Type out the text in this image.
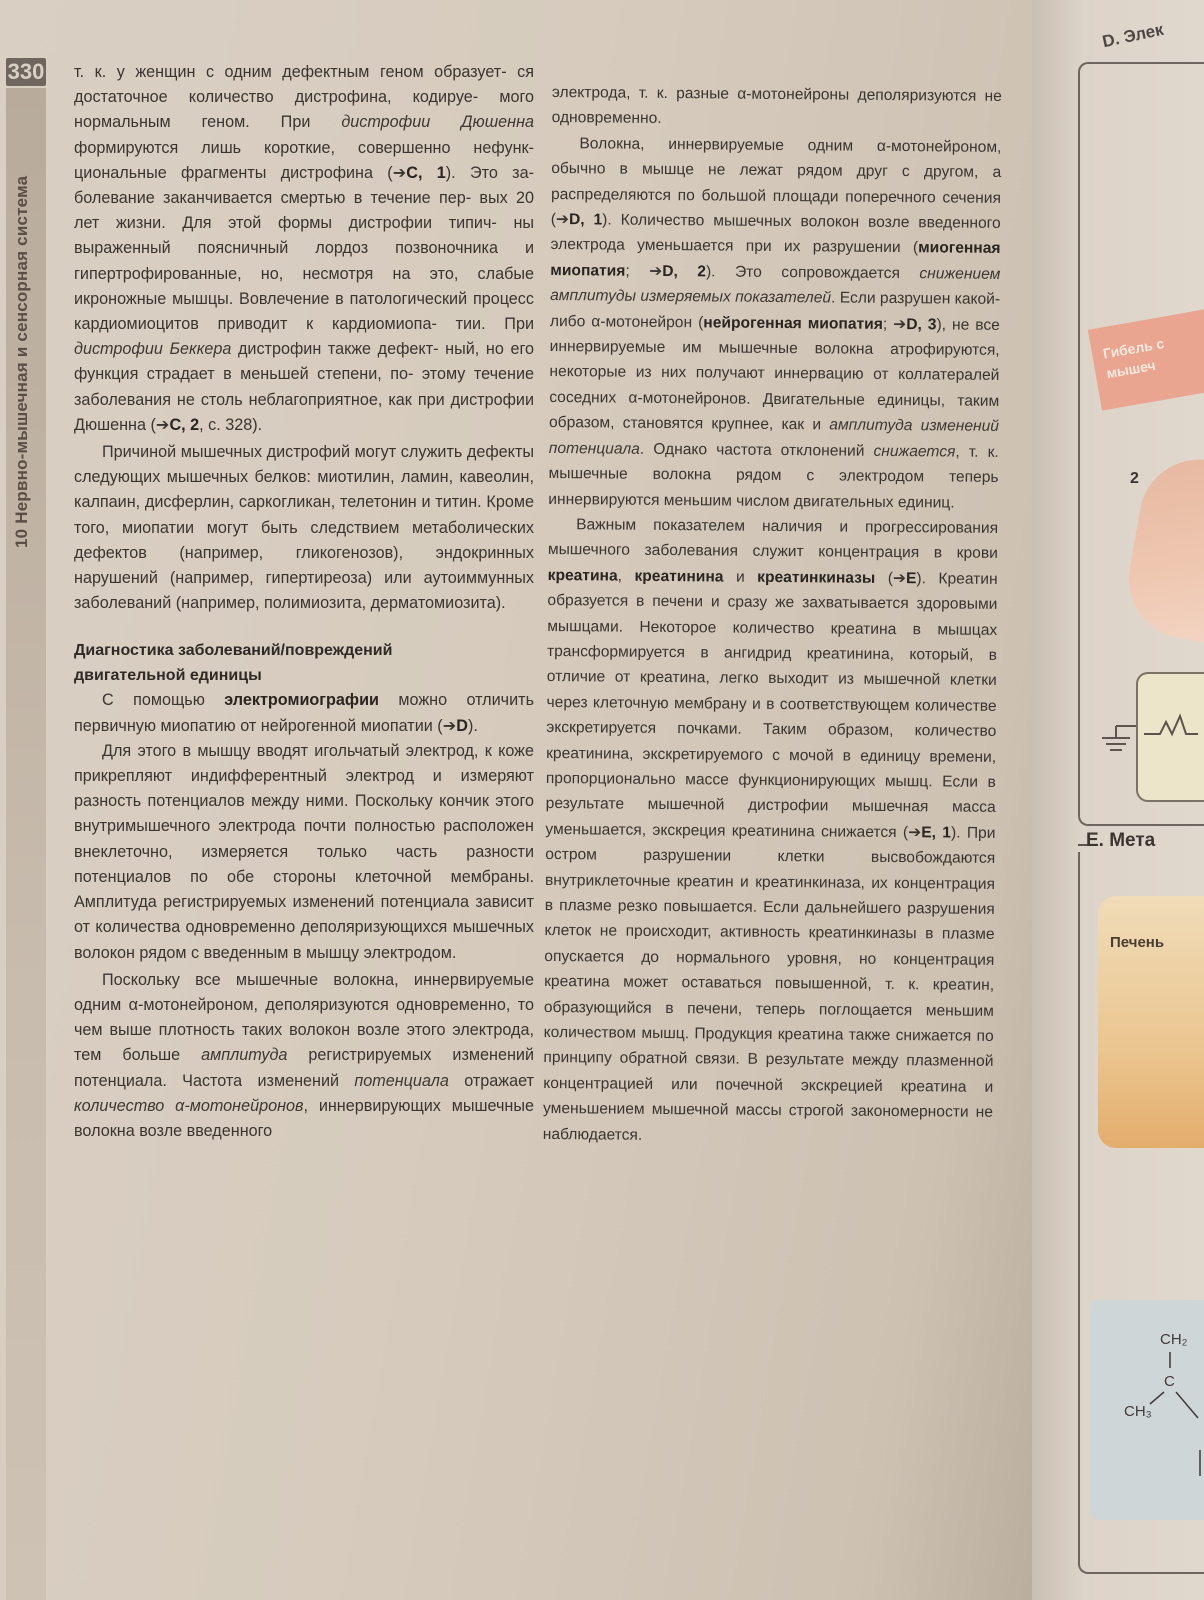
330
10 Нервно-мышечная и сенсорная система

т. к. у женщин с одним дефектным геном образует- ся достаточное количество дистрофина, кодируе- мого нормальным геном. При дистрофии Дюшенна формируются лишь короткие, совершенно нефунк- циональные фрагменты дистрофина (➔C, 1). Это за- болевание заканчивается смертью в течение пер- вых 20 лет жизни. Для этой формы дистрофии типич- ны выраженный поясничный лордоз позвоночника и гипертрофированные, но, несмотря на это, слабые икроножные мышцы. Вовлечение в патологический процесс кардиомиоцитов приводит к кардиомиопа- тии. При дистрофии Беккера дистрофин также дефект- ный, но его функция страдает в меньшей степени, по- этому течение заболевания не столь неблагоприятное, как при дистрофии Дюшенна (➔C, 2, с. 328).

Причиной мышечных дистрофий могут служить дефекты следующих мышечных белков: миотилин, ламин, кавеолин, калпаин, дисферлин, саркогликан, телетонин и титин. Кроме того, миопатии могут быть следствием метаболических дефектов (например, гликогенозов), эндокринных нарушений (например, гипертиреоза) или аутоиммунных заболеваний (например, полимиозита, дерматомиозита).

Диагностика заболеваний/повреждений
двигательной единицы

С помощью электромиографии можно отличить первичную миопатию от нейрогенной миопатии (➔D).

Для этого в мышцу вводят игольчатый электрод, к коже прикрепляют индифферентный электрод и измеряют разность потенциалов между ними. Поскольку кончик этого внутримышечного электрода почти полностью расположен внеклеточно, измеряется только часть разности потенциалов по обе стороны клеточной мембраны. Амплитуда регистрируемых изменений потенциала зависит от количества одновременно деполяризующихся мышечных волокон рядом с введенным в мышцу электродом.

Поскольку все мышечные волокна, иннервируемые одним α-мотонейроном, деполяризуются одновременно, то чем выше плотность таких волокон возле этого электрода, тем больше амплитуда регистрируемых изменений потенциала. Частота изменений потенциала отражает количество α-мотонейронов, иннервирующих мышечные волокна возле введенного

электрода, т. к. разные α-мотонейроны деполяризуются не одновременно.

Волокна, иннервируемые одним α-мотонейроном, обычно в мышце не лежат рядом друг с другом, а распределяются по большой площади поперечного сечения (➔D, 1). Количество мышечных волокон возле введенного электрода уменьшается при их разрушении (миогенная миопатия; ➔D, 2). Это сопровождается снижением амплитуды измеряемых показателей. Если разрушен какой-либо α-мотонейрон (нейрогенная миопатия; ➔D, 3), не все иннервируемые им мышечные волокна атрофируются, некоторые из них получают иннервацию от коллатералей соседних α-мотонейронов. Двигательные единицы, таким образом, становятся крупнее, как и амплитуда изменений потенциала. Однако частота отклонений снижается, т. к. мышечные волокна рядом с электродом теперь иннервируются меньшим числом двигательных единиц.

Важным показателем наличия и прогрессирования мышечного заболевания служит концентрация в крови креатина, креатинина и креатинкиназы (➔E). Креатин образуется в печени и сразу же захватывается здоровыми мышцами. Некоторое количество креатина в мышцах трансформируется в ангидрид креатинина, который, в отличие от креатина, легко выходит из мышечной клетки через клеточную мембрану и в соответствующем количестве экскретируется почками. Таким образом, количество креатинина, экскретируемого с мочой в единицу времени, пропорционально массе функционирующих мышц. Если в результате мышечной дистрофии мышечная масса уменьшается, экскреция креатинина снижается (➔E, 1). При остром разрушении клетки высвобождаются внутриклеточные креатин и креатинкиназа, их концентрация в плазме резко повышается. Если дальнейшего разрушения клеток не происходит, активность креатинкиназы в плазме опускается до нормального уровня, но концентрация креатина может оставаться повышенной, т. к. креатин, образующийся в печени, теперь поглощается меньшим количеством мышц. Продукция креатина также снижается по принципу обратной связи. В результате между плазменной концентрацией или почечной экскрецией креатина и уменьшением мышечной массы строгой закономерности не наблюдается.

D. Элек
Гибель с
мышеч
2
E. Мета
Печень
CH₂
C
CH₃
